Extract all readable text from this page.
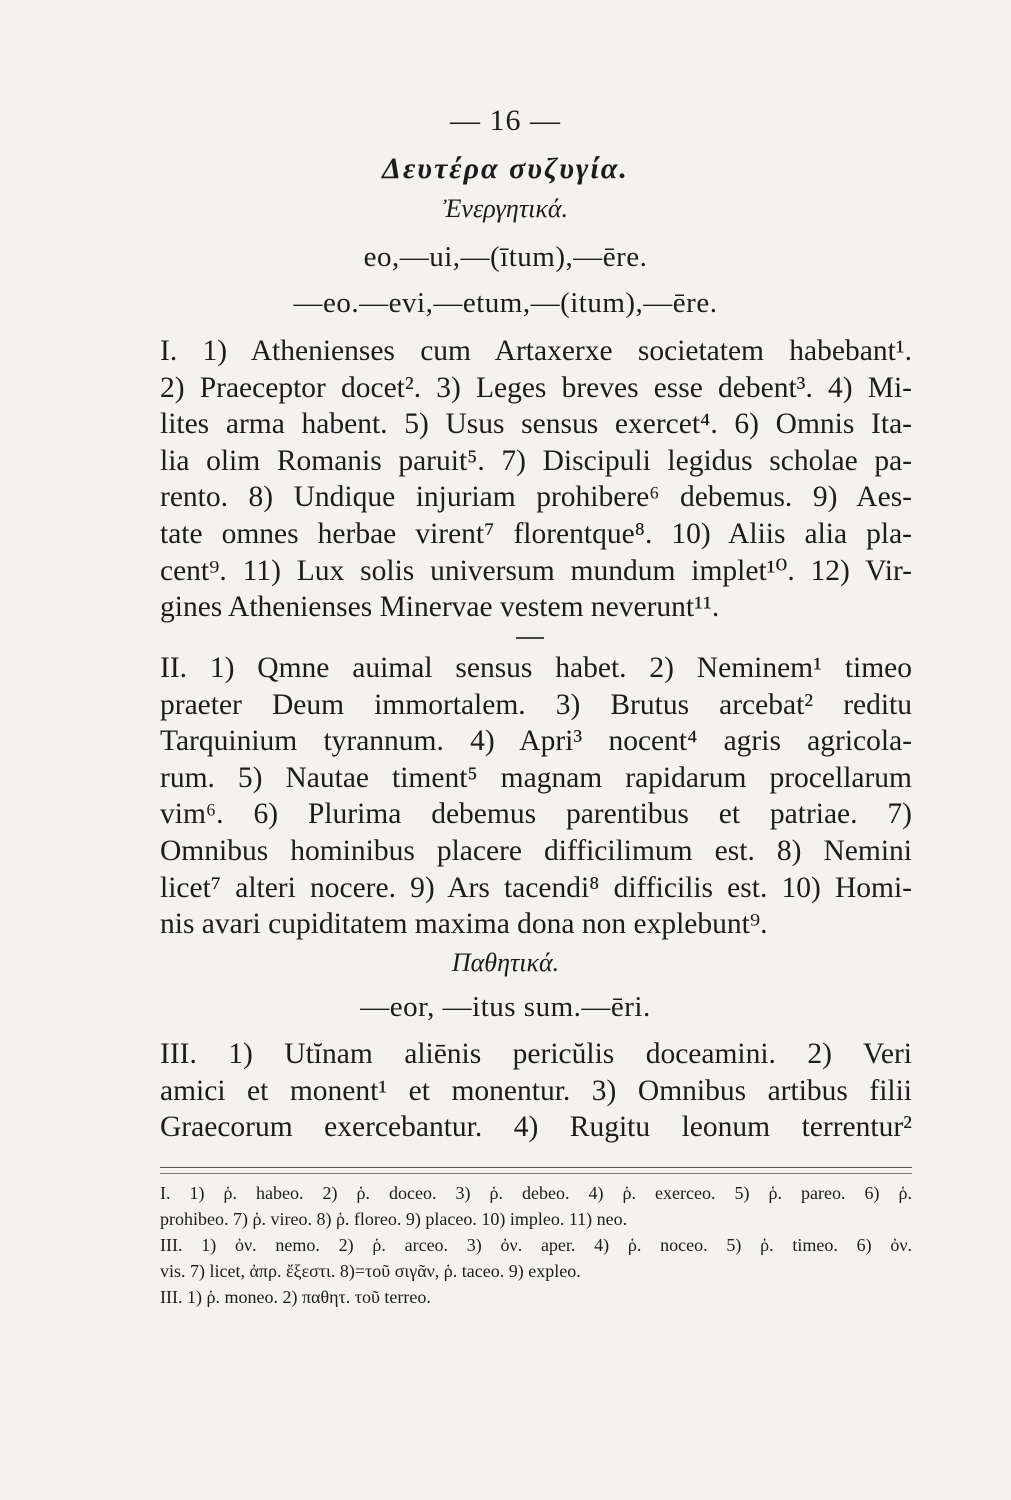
— 16 —
Δευτέρα συζυγία.
Ἐνεργητικά.
eo,—ui,—(ītum),—ēre.
—eo.—evi,—etum,—(itum),—ēre.

I. 1) Athenienses cum Artaxerxe societatem habebant¹.
2) Praeceptor docet². 3) Leges breves esse debent³. 4) Mi-
lites arma habent. 5) Usus sensus exercet⁴. 6) Omnis Ita-
lia olim Romanis paruit⁵. 7) Discipuli legidus scholae pa-
rento. 8) Undique injuriam prohibere⁶ debemus. 9) Aes-
tate omnes herbae virent⁷ florentque⁸. 10) Aliis alia pla-
cent⁹. 11) Lux solis universum mundum implet¹⁰. 12) Vir-
gines Athenienses Minervae vestem neverunt¹¹.

II. 1) Qmne auimal sensus habet. 2) Neminem¹ timeo
praeter Deum immortalem. 3) Brutus arcebat² reditu
Tarquinium tyrannum. 4) Apri³ nocent⁴ agris agricola-
rum. 5) Nautae timent⁵ magnam rapidarum procellarum
vim⁶. 6) Plurima debemus parentibus et patriae. 7)
Omnibus hominibus placere difficilimum est. 8) Nemini
licet⁷ alteri nocere. 9) Ars tacendi⁸ difficilis est. 10) Homi-
nis avari cupiditatem maxima dona non explebunt⁹.

Παθητικά.
—eor, —itus sum.—ēri.

III. 1) Utĭnam aliēnis pericŭlis doceamini. 2) Veri
amici et monent¹ et monentur. 3) Omnibus artibus filii
Graecorum exercebantur. 4) Rugitu leonum terrentur²

I. 1) ῥ. habeo. 2) ῥ. doceo. 3) ῥ. debeo. 4) ῥ. exerceo. 5) ῥ. pareo. 6) ῥ.
prohibeo. 7) ῥ. vireo. 8) ῥ. floreo. 9) placeo. 10) impleo. 11) neo.
III. 1) ὀν. nemo. 2) ῥ. arceo. 3) ὀν. aper. 4) ῥ. noceo. 5) ῥ. timeo. 6) ὀν.
vis. 7) licet, ἀπρ. ἔξεστι. 8)=τοῦ σιγᾶν, ῥ. taceo. 9) expleo.
III. 1) ῥ. moneo. 2) παθητ. τοῦ terreo.
